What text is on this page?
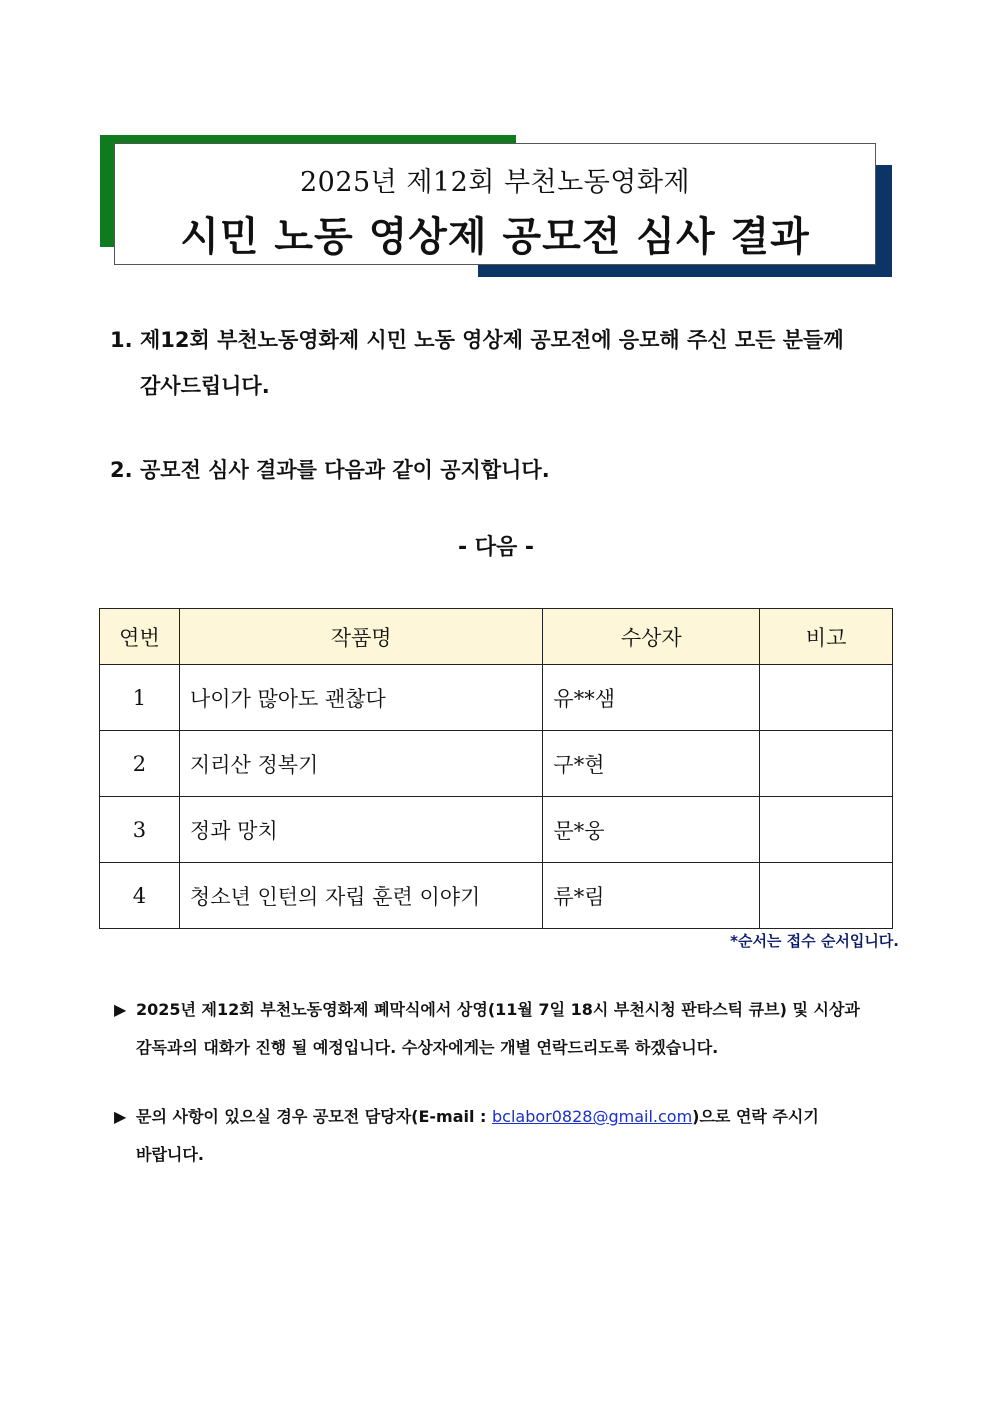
2025년 제12회 부천노동영화제
시민 노동 영상제 공모전 심사 결과
1. 제12회 부천노동영화제 시민 노동 영상제 공모전에 응모해 주신 모든 분들께
감사드립니다.
2. 공모전 심사 결과를 다음과 같이 공지합니다.
- 다음 -
연번	작품명	수상자	비고
1	나이가 많아도 괜찮다	유**샘	
2	지리산 정복기	구*현	
3	정과 망치	문*웅	
4	청소년 인턴의 자립 훈련 이야기	류*림	
*순서는 접수 순서입니다.
▶ 2025년 제12회 부천노동영화제 폐막식에서 상영(11월 7일 18시 부천시청 판타스틱 큐브) 및 시상과
감독과의 대화가 진행 될 예정입니다. 수상자에게는 개별 연락드리도록 하겠습니다.
▶ 문의 사항이 있으실 경우 공모전 담당자(E-mail : bclabor0828@gmail.com)으로 연락 주시기
바랍니다.
